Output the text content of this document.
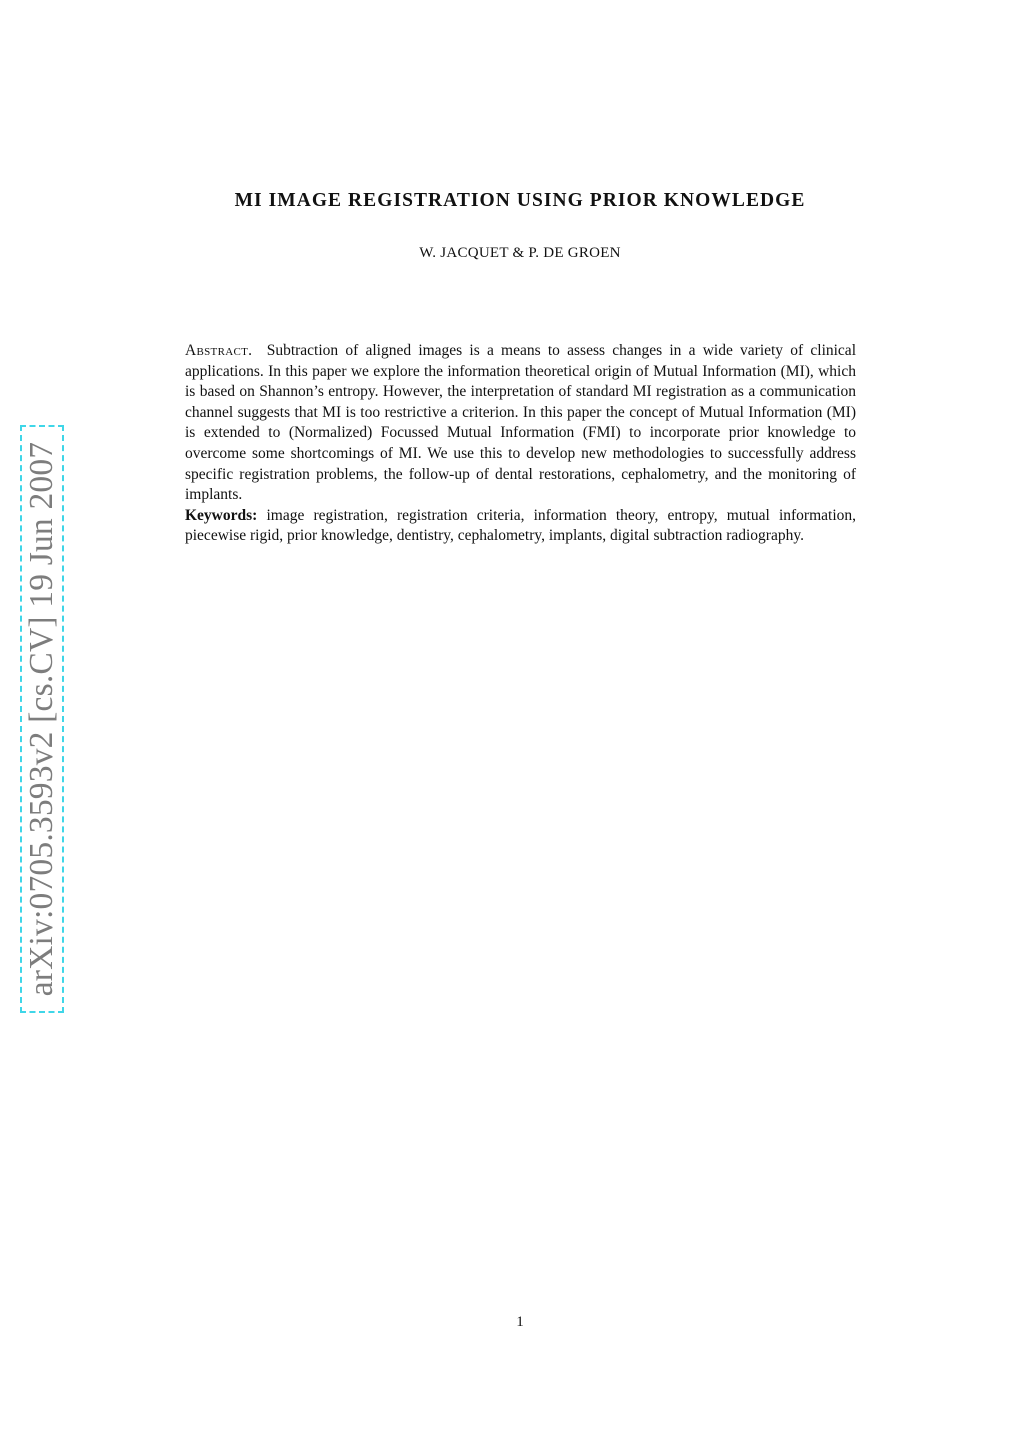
arXiv:0705.3593v2 [cs.CV] 19 Jun 2007
MI IMAGE REGISTRATION USING PRIOR KNOWLEDGE
W. JACQUET & P. DE GROEN

Abstract. Subtraction of aligned images is a means to assess changes in a wide variety of clinical applications. In this paper we explore the information theoretical origin of Mutual Information (MI), which is based on Shannon’s entropy. However, the interpretation of standard MI registration as a communication channel suggests that MI is too restrictive a criterion. In this paper the concept of Mutual Information (MI) is extended to (Normalized) Focussed Mutual Information (FMI) to incorporate prior knowledge to overcome some shortcomings of MI. We use this to develop new methodologies to successfully address specific registration problems, the follow-up of dental restorations, cephalometry, and the monitoring of implants.

Keywords: image registration, registration criteria, information theory, entropy, mutual information, piecewise rigid, prior knowledge, dentistry, cephalometry, implants, digital subtraction radiography.

1
